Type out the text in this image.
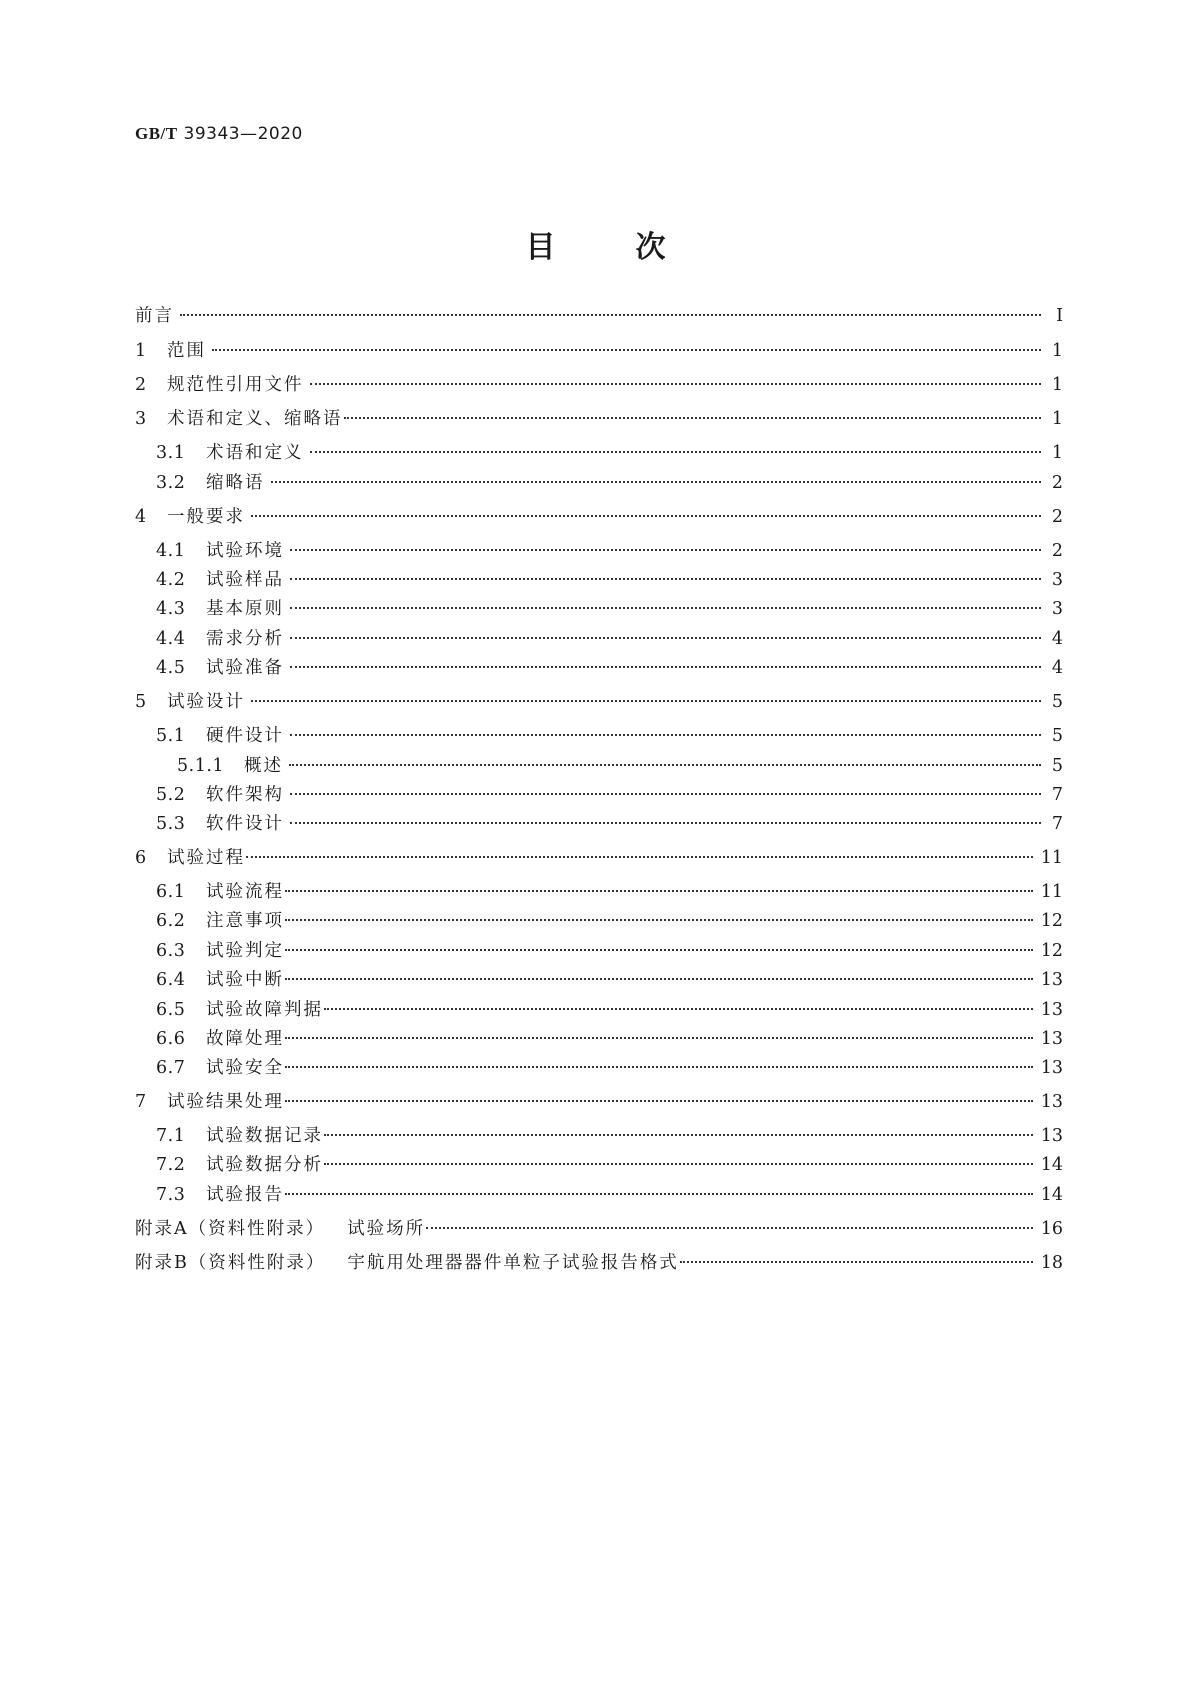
GB/T 39343—2020
目次
前言	Ⅰ
1 范围	1
2 规范性引用文件	1
3 术语和定义、缩略语	1
3.1 术语和定义	1
3.2 缩略语	2
4 一般要求	2
4.1 试验环境	2
4.2 试验样品	3
4.3 基本原则	3
4.4 需求分析	4
4.5 试验准备	4
5 试验设计	5
5.1 硬件设计	5
5.1.1 概述	5
5.2 软件架构	7
5.3 软件设计	7
6 试验过程	11
6.1 试验流程	11
6.2 注意事项	12
6.3 试验判定	12
6.4 试验中断	13
6.5 试验故障判据	13
6.6 故障处理	13
6.7 试验安全	13
7 试验结果处理	13
7.1 试验数据记录	13
7.2 试验数据分析	14
7.3 试验报告	14
附录A（资料性附录） 试验场所	16
附录B（资料性附录） 宇航用处理器器件单粒子试验报告格式	18
